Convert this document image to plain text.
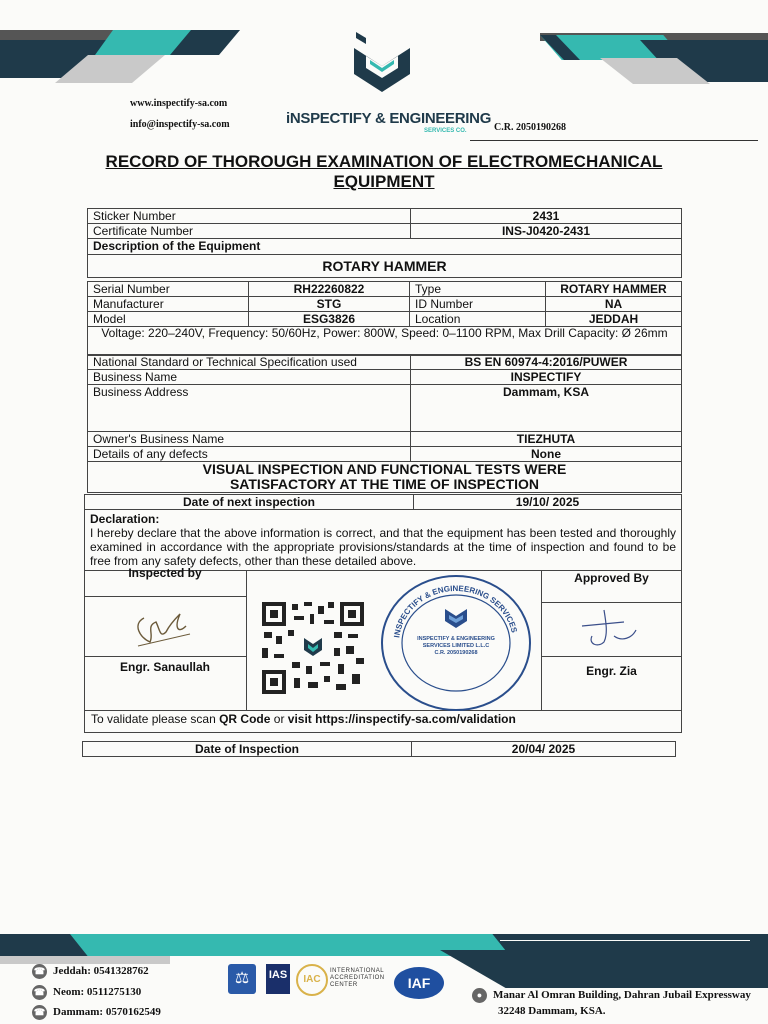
www.inspectify-sa.com
info@inspectify-sa.com	iNSPECTIFY & ENGINEERING
SERVICES CO.	C.R. 2050190268
RECORD OF THOROUGH EXAMINATION OF ELECTROMECHANICAL EQUIPMENT
Sticker Number	2431
Certificate Number	INS-J0420-2431
Description of the Equipment	
ROTARY HAMMER	
Serial Number	RH22260822	Type	ROTARY HAMMER
Manufacturer	STG	ID Number	NA
Model	ESG3826	Location	JEDDAH
Voltage: 220–240V, Frequency: 50/60Hz, Power: 800W, Speed: 0–1100 RPM, Max Drill Capacity: Ø 26mm			
National Standard or Technical Specification used	BS EN 60974-4:2016/PUWER
Business Name	INSPECTIFY
Business Address	Dammam, KSA
Owner's Business Name	TIEZHUTA
Details of any defects	None
VISUAL INSPECTION AND FUNCTIONAL TESTS WERE SATISFACTORY AT THE TIME OF INSPECTION	
Date of next inspection	19/10/ 2025

Declaration:
I hereby declare that the above information is correct, and that the equipment has been tested and thoroughly examined in accordance with the appropriate provisions/standards at the time of inspection and found to be free from any safety defects, other than these detailed above.
Inspected by	Approved By
Engr. Sanaullah	Engr. Zia
INSPECTIFY & ENGINEERING SERVICES
INSPECTIFY & ENGINEERING
SERVICES LIMITED L.L.C
C.R. 2050190268
To validate please scan QR Code or visit https://inspectify-sa.com/validation
Date of Inspection	20/04/ 2025
☎ Jeddah: 0541328762
☎ Neom: 0511275130
☎ Dammam: 0570162549
⚖	IAS	IAC
INTERNATIONAL ACCREDITATION CENTER	IAF
● Manar Al Omran Building, Dahran Jubail Expressway
32248 Dammam, KSA.
